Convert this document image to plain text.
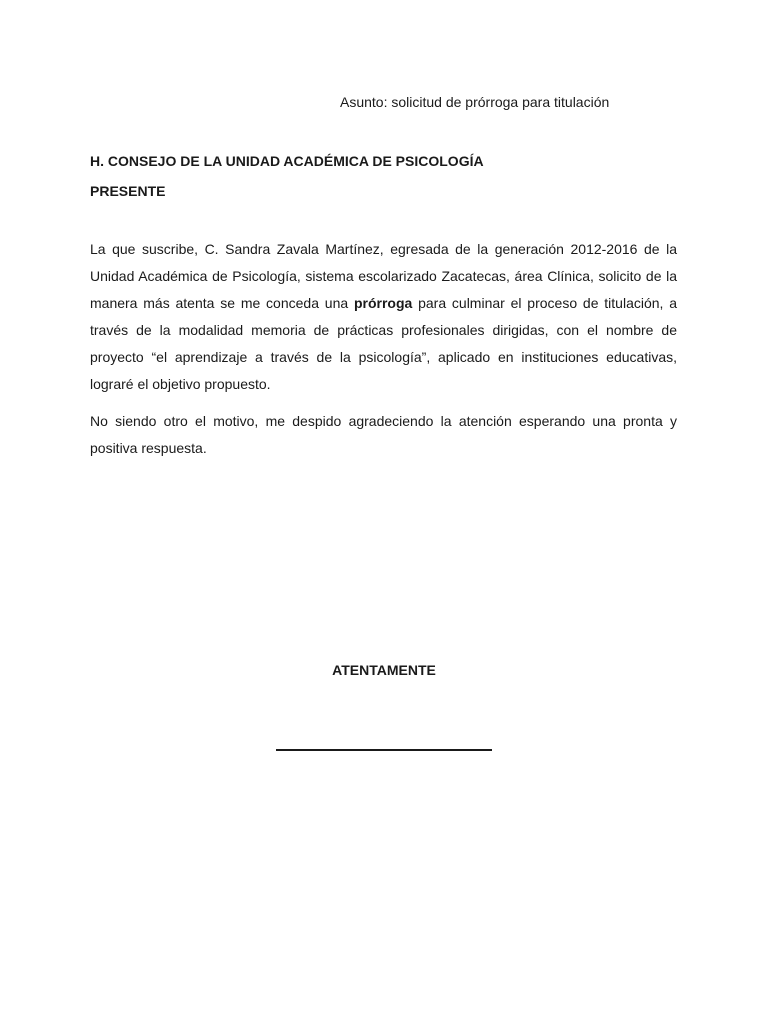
Asunto: solicitud de prórroga para titulación
H. CONSEJO DE LA UNIDAD ACADÉMICA DE PSICOLOGÍA
PRESENTE

La que suscribe, C. Sandra Zavala Martínez, egresada de la generación 2012-2016 de la Unidad Académica de Psicología, sistema escolarizado Zacatecas, área Clínica, solicito de la manera más atenta se me conceda una prórroga para culminar el proceso de titulación, a través de la modalidad memoria de prácticas profesionales dirigidas, con el nombre de proyecto “el aprendizaje a través de la psicología”, aplicado en instituciones educativas, lograré el objetivo propuesto.

No siendo otro el motivo, me despido agradeciendo la atención esperando una pronta y positiva respuesta.

ATENTAMENTE
